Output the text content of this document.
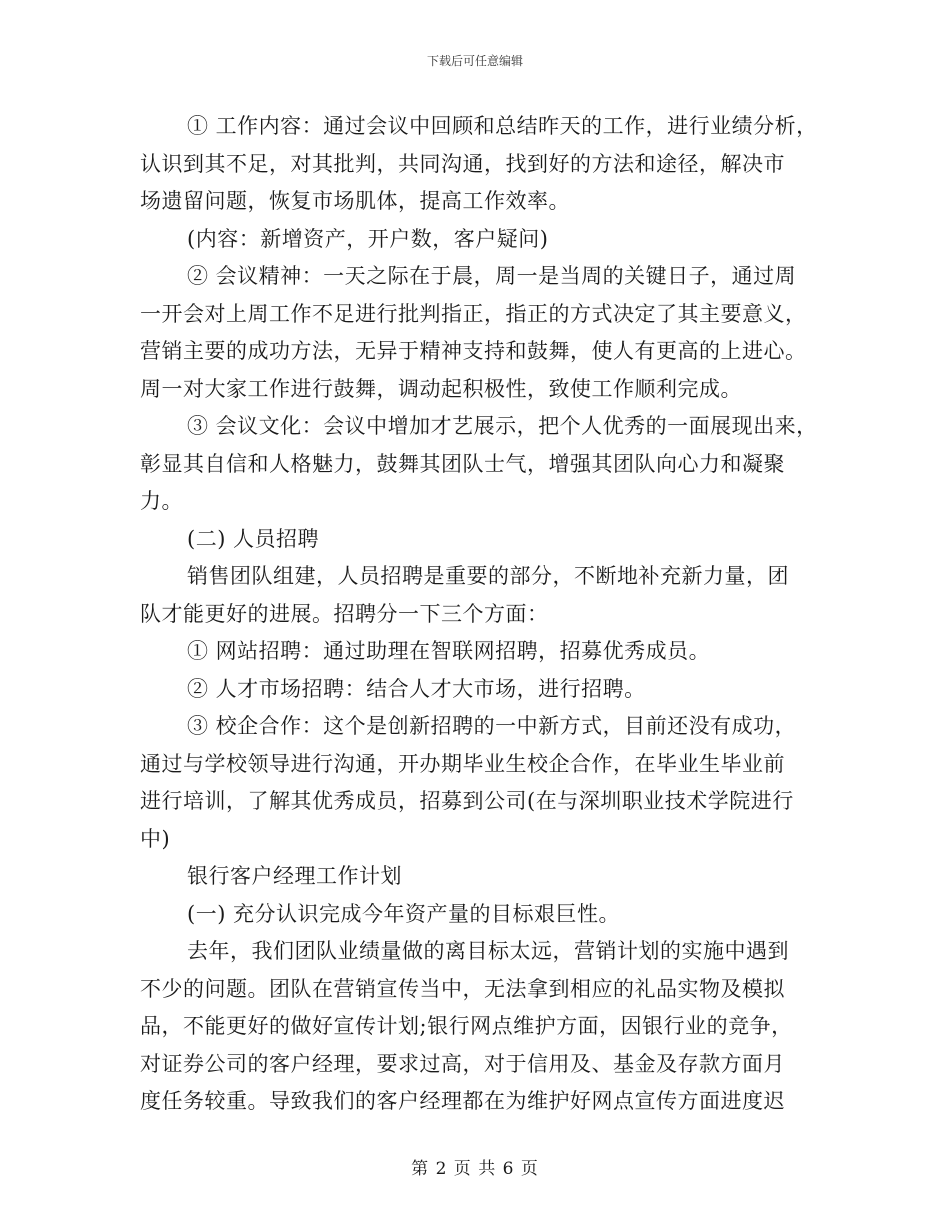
下载后可任意编辑
① 工作内容：通过会议中回顾和总结昨天的工作，进行业绩分析，
认识到其不足，对其批判，共同沟通，找到好的方法和途径，解决市
场遗留问题，恢复市场肌体，提高工作效率。
(内容：新增资产，开户数，客户疑问)
② 会议精神：一天之际在于晨，周一是当周的关键日子，通过周
一开会对上周工作不足进行批判指正，指正的方式决定了其主要意义，
营销主要的成功方法，无异于精神支持和鼓舞，使人有更高的上进心。
周一对大家工作进行鼓舞，调动起积极性，致使工作顺利完成。
③ 会议文化：会议中增加才艺展示，把个人优秀的一面展现出来，
彰显其自信和人格魅力，鼓舞其团队士气，增强其团队向心力和凝聚
力。
(二) 人员招聘
销售团队组建，人员招聘是重要的部分，不断地补充新力量，团
队才能更好的进展。招聘分一下三个方面：
① 网站招聘：通过助理在智联网招聘，招募优秀成员。
② 人才市场招聘：结合人才大市场，进行招聘。
③ 校企合作：这个是创新招聘的一中新方式，目前还没有成功，
通过与学校领导进行沟通，开办期毕业生校企合作，在毕业生毕业前
进行培训，了解其优秀成员，招募到公司(在与深圳职业技术学院进行
中)
银行客户经理工作计划
(一) 充分认识完成今年资产量的目标艰巨性。
去年，我们团队业绩量做的离目标太远，营销计划的实施中遇到
不少的问题。团队在营销宣传当中，无法拿到相应的礼品实物及模拟
品，不能更好的做好宣传计划;银行网点维护方面，因银行业的竞争，
对证券公司的客户经理，要求过高，对于信用及、基金及存款方面月
度任务较重。导致我们的客户经理都在为维护好网点宣传方面进度迟
第 2 页 共 6 页
